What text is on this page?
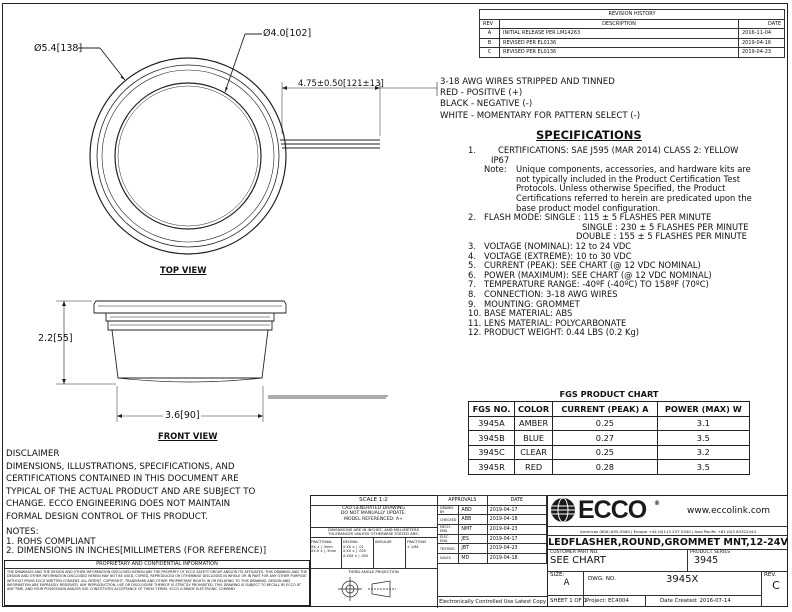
REVISION HISTORY		
REV	DESCRIPTION	DATE
A	INITIAL RELEASE PER LM14263	2016-11-04
B	REVISED PER EL0136	2019-04-16
C	REVISED PER EL0136	2019-04-23
Ø5.4[138]
Ø4.0[102]
4.75±0.50[121±13]
2.2[55]
3.6[90]
TOP VIEW
FRONT VIEW
3-18 AWG WIRES STRIPPED AND TINNED
RED - POSITIVE (+)
BLACK - NEGATIVE (-)
WHITE - MOMENTARY FOR PATTERN SELECT (-)
SPECIFICATIONS
1.	CERTIFICATIONS: SAE J595 (MAR 2014) CLASS 2: YELLOW
IP67
Note:	Unique components, accessories, and hardware kits are
not typically included in the Product Certification Test
Protocols. Unless otherwise Specified, the Product
Certifications referred to herein are predicated upon the
base product model configuration.
2. FLASH MODE: SINGLE : 115 ± 5 FLASHES PER MINUTE
SINGLE : 230 ± 5 FLASHES PER MINUTE
DOUBLE : 155 ± 5 FLASHES PER MINUTE
3. VOLTAGE (NOMINAL): 12 to 24 VDC
4. VOLTAGE (EXTREME): 10 to 30 VDC
5. CURRENT (PEAK): SEE CHART (@ 12 VDC NOMINAL)
6. POWER (MAXIMUM): SEE CHART (@ 12 VDC NOMINAL)
7. TEMPERATURE RANGE: -40ºF (-40ºC) TO 158ºF (70ºC)
8. CONNECTION: 3-18 AWG WIRES
9. MOUNTING: GROMMET
10. BASE MATERIAL: ABS
11. LENS MATERIAL: POLYCARBONATE
12. PRODUCT WEIGHT: 0.44 LBS (0.2 Kg)
FGS PRODUCT CHART
FGS NO.	COLOR	CURRENT (PEAK) A	POWER (MAX) W
3945A	AMBER	0.25	3.1
3945B	BLUE	0.27	3.5
3945C	CLEAR	0.25	3.2
3945R	RED	0.28	3.5
DISCLAIMER
DIMENSIONS, ILLUSTRATIONS, SPECIFICATIONS, AND
CERTIFICATIONS CONTAINED IN THIS DOCUMENT ARE
TYPICAL OF THE ACTUAL PRODUCT AND ARE SUBJECT TO
CHANGE. ECCO ENGINEERING DOES NOT MAINTAIN
FORMAL DESIGN CONTROL OF THIS PRODUCT.
NOTES:
1. ROHS COMPLIANT
2. DIMENSIONS IN INCHES[MILLIMETERS (FOR REFERENCE)]
PROPRIETARY AND CONFIDENTIAL INFORMATION
THE DRAWINGS AND THE DESIGN AND OTHER INFORMATION DISCLOSED HEREIN ARE THE PROPERTY OF ECCO SAFETY GROUP AND/OR ITS AFFILIATES. THIS DRAWING AND THE DESIGN AND OTHER INFORMATION DISCLOSED HEREIN MAY NOT BE USED, COPIED, REPRODUCED OR OTHERWISE DISCLOSED IN WHOLE OR IN PART FOR ANY OTHER PURPOSE WITHOUT PRIOR ECCO WRITTEN CONSENT. ALL PATENT, COPYRIGHT, TRADEMARK AND OTHER PROPRIETARY RIGHTS IN OR RELATING TO THIS DRAWING, DESIGN AND INFORMATION ARE EXPRESSLY RESERVED. ANY REPRODUCTION, USE OR DISCLOSURE THEREOF IS STRICTLY PROHIBITED. THIS DRAWING IS SUBJECT TO RECALL BY ECCO AT ANY TIME, AND YOUR POSSESSION AND/OR USE CONSTITUTES ACCEPTANCE OF THESE TERMS. ECCO A BRADY ELECTRONIC COMPANY
SCALE 1:2
CAD GENERATED DRAWING
DO NOT MANUALLY UPDATE.
MODEL REFERENCED: A+
DIMENSIONS ARE IN INCHES, AND MILLIMETERS
TOLERANCES UNLESS OTHERWISE STATED ARE:
FRACTIONAL
XX ± | .5mm
XX.X ± | .5mm
DECIMAL
X.XX ± | .01
X.XX ± | .005
X.XXX ± | .005
ANGULAR	FRACTIONS
± 1/64
THIRD ANGLE PROJECTION
APPROVALS		DATE
DRAWN BY	ABD	2019-04-17
CHECKED	ABB	2019-04-18
MECH. ENG.	NMT	2019-04-23
ELEC. ENG.	JES	2019-04-17
TESTING	JBT	2019-04-23
SALES	MD	2019-04-18
Electronically Controlled Use Latest Copy
ECCO ®
www.eccolink.com
Americas (800) 635-5900 | Europe +44 (0)113 237 5340 | Asia Pacific +61 (0)3 83322444
LEDFLASHER,ROUND,GROMMET MNT,12-24V
CUSTOMER PART NO.
SEE CHART
PRODUCT SERIES
3945
SIZE:
A	DWG. NO.	3945X	REV.
C
SHEET 1 OF 1 Project: EC4004	Date Created: 2016-07-14
